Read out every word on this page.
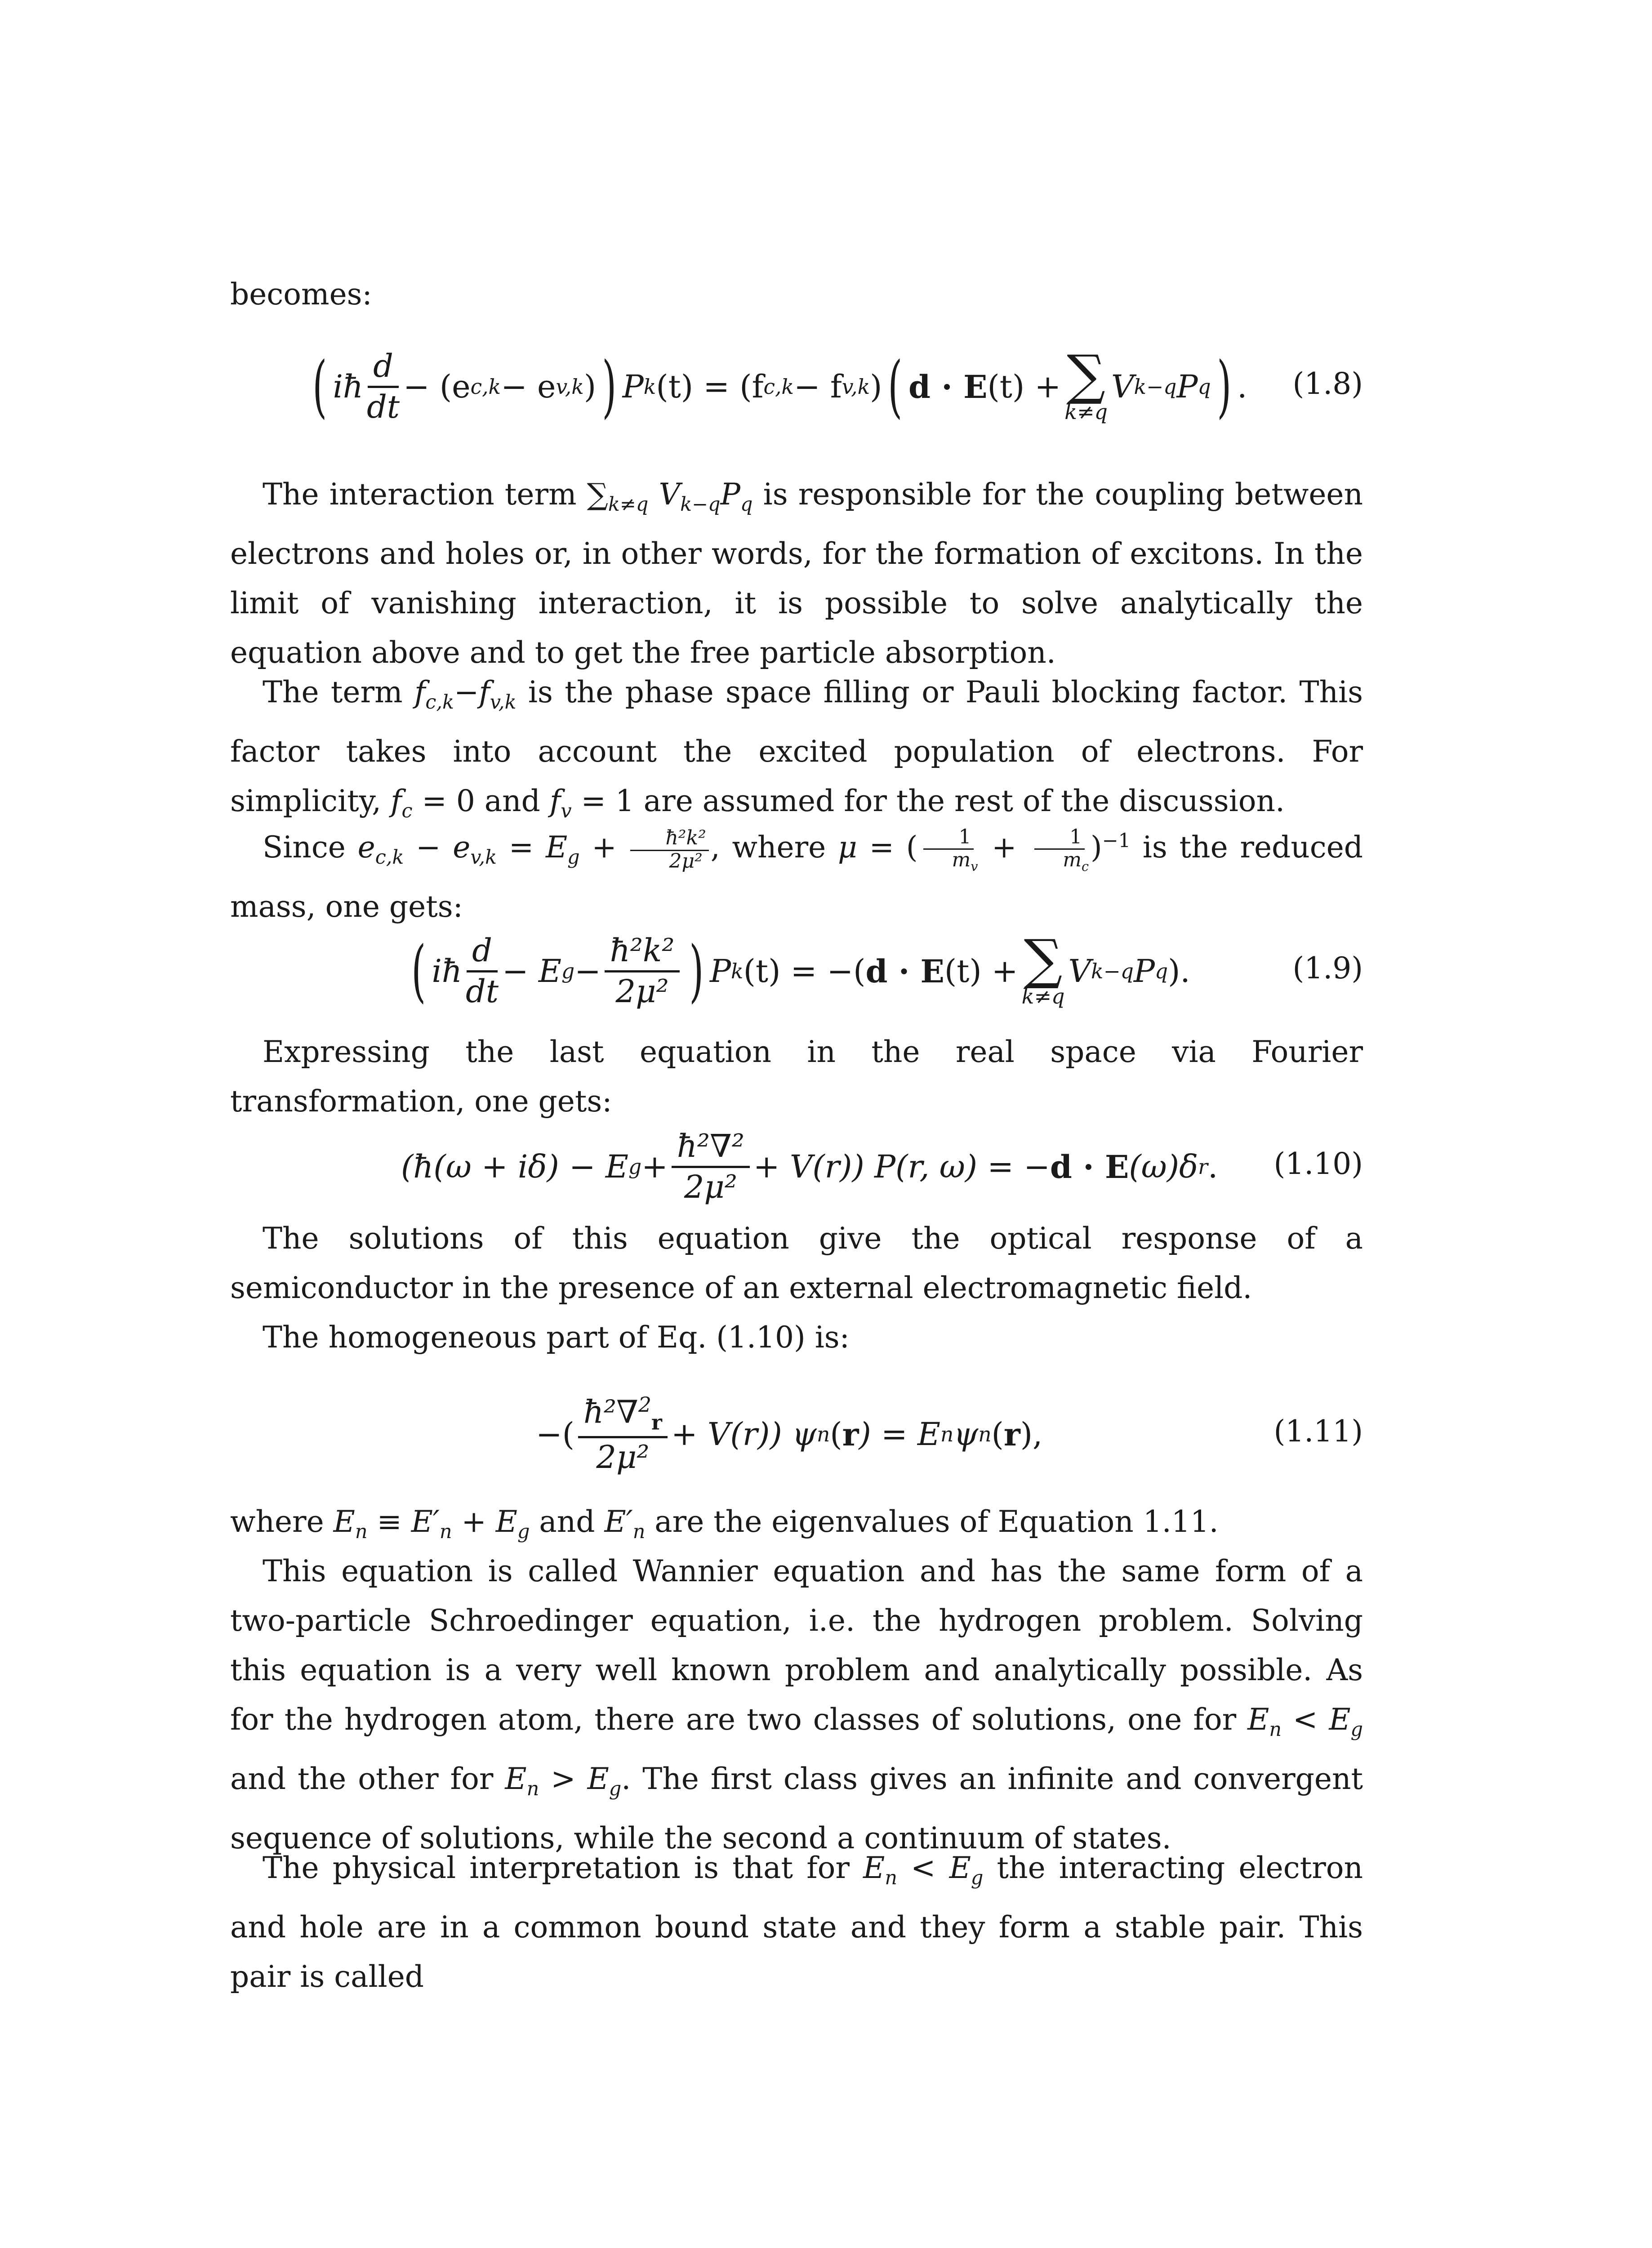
becomes:

( iħ $\frac{d}{dt} - (e$ c,k − e v,k ) ) P k (t) = (f c,k − f v,k ) ( d · E (t) + ∑
k≠q
V k−q P q ) . (1.8)

The interaction term $\sum_{k\ne q}$ $V_{k-q}P_q$ is responsible for the coupling between electrons and holes or, in other words, for the formation of excitons. In the limit of vanishing interaction, it is possible to solve analytically the equation above and to get the free particle absorption.

The term $f_{c,k}-f_{v,k}$ is the phase space filling or Pauli blocking factor. This factor takes into account the excited population of electrons. For simplicity, $f_c = 0$ and $f_v = 1$ are assumed for the rest of the discussion.

Since $e_{c,k} - e_{v,k} = E_g + \frac{\text{ħ²k²}}{\text{2μ²}}$ , where μ = ( $\frac{1}{m_v} + \frac{1}{m_c} )^{-1}$ is the reduced mass, one gets:

( iħ $\frac{d}{dt} - E$ $g - \frac{\text{ħ²k²}}{\text{2μ²}}$ ) P k (t) = −( d · E (t) + ∑
k≠q
V k−q P q ).	(1.9)

Expressing the last equation in the real space via Fourier transformation, one gets:

(ħ(ω + iδ) − E $g + \frac{\text{ħ²∇²}}{\text{2μ²}} + V(r)$) P(r, ω) = − d · E (ω)δ r . (1.10)

The solutions of this equation give the optical response of a semiconductor in the presence of an external electromagnetic field.

The homogeneous part of Eq. (1.10) is:

−( $\frac{ħ^2\nabla^2_r}{\text{2μ²}} + V(r)$) ψ n ( r ) = E n ψ n ( r ),	(1.11)

where $E_n \equiv E'_n + E_g$ and $E'_n$ are the eigenvalues of Equation 1.11.

This equation is called Wannier equation and has the same form of a two-particle Schroedinger equation, i.e. the hydrogen problem. Solving this equation is a very well known problem and analytically possible. As for the hydrogen atom, there are two classes of solutions, one for $E_n < E_g$ and the other for $E_n > E_g$. The first class gives an infinite and convergent sequence of solutions, while the second a continuum of states.

The physical interpretation is that for $E_n < E_g$ the interacting electron and hole are in a common bound state and they form a stable pair. This pair is called
